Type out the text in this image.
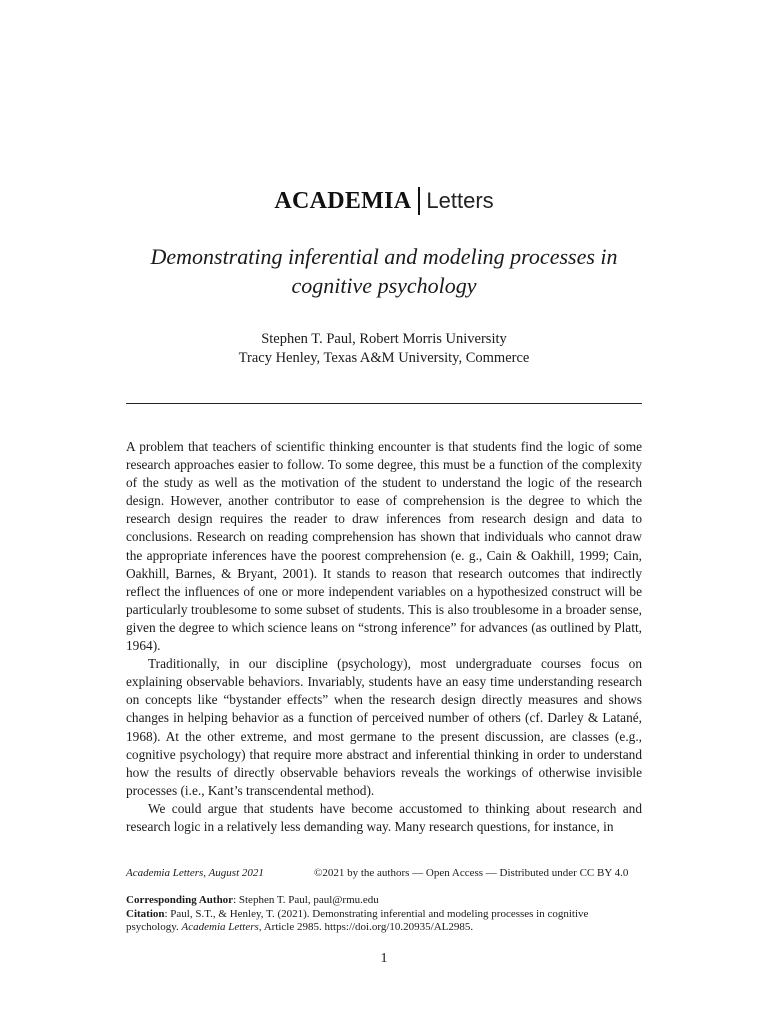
ACADEMIA Letters
Demonstrating inferential and modeling processes in cognitive psychology
Stephen T. Paul, Robert Morris University
Tracy Henley, Texas A&M University, Commerce

A problem that teachers of scientific thinking encounter is that students find the logic of some research approaches easier to follow. To some degree, this must be a function of the complexity of the study as well as the motivation of the student to understand the logic of the research design. However, another contributor to ease of comprehension is the degree to which the research design requires the reader to draw inferences from research design and data to conclusions. Research on reading comprehension has shown that individuals who cannot draw the appropriate inferences have the poorest comprehension (e. g., Cain & Oakhill, 1999; Cain, Oakhill, Barnes, & Bryant, 2001). It stands to reason that research outcomes that indirectly reflect the influences of one or more independent variables on a hypothesized construct will be particularly troublesome to some subset of students. This is also troublesome in a broader sense, given the degree to which science leans on “strong inference” for advances (as outlined by Platt, 1964).

Traditionally, in our discipline (psychology), most undergraduate courses focus on explaining observable behaviors. Invariably, students have an easy time understanding research on concepts like “bystander effects” when the research design directly measures and shows changes in helping behavior as a function of perceived number of others (cf. Darley & Latané, 1968). At the other extreme, and most germane to the present discussion, are classes (e.g., cognitive psychology) that require more abstract and inferential thinking in order to understand how the results of directly observable behaviors reveals the workings of otherwise invisible processes (i.e., Kant’s transcendental method).

We could argue that students have become accustomed to thinking about research and research logic in a relatively less demanding way. Many research questions, for instance, in

Academia Letters, August 2021	©2021 by the authors — Open Access — Distributed under CC BY 4.0
Corresponding Author: Stephen T. Paul, paul@rmu.edu
Citation: Paul, S.T., & Henley, T. (2021). Demonstrating inferential and modeling processes in cognitive psychology. Academia Letters, Article 2985. https://doi.org/10.20935/AL2985.
1
